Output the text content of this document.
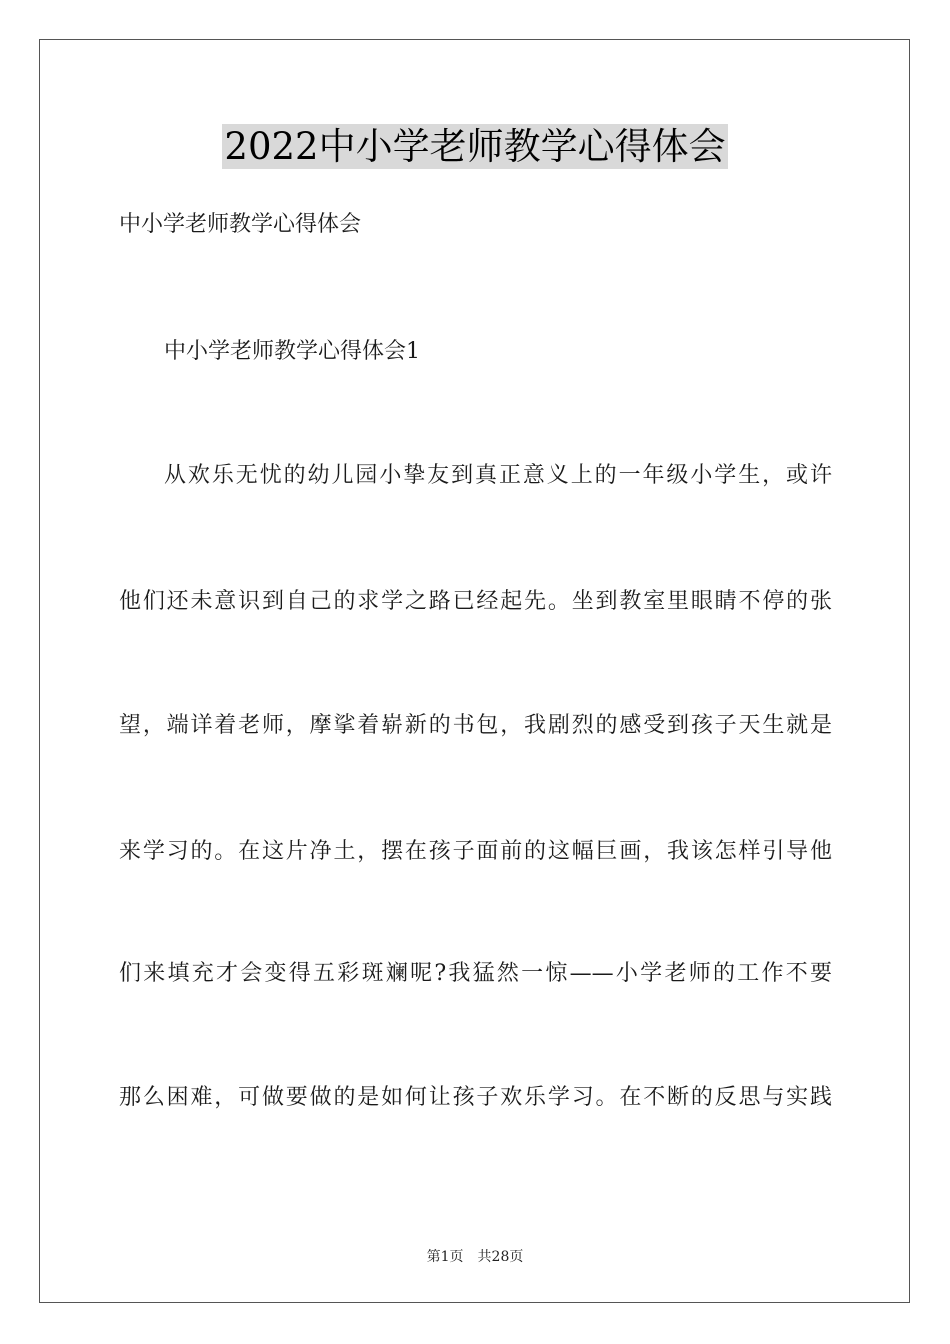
2022中小学老师教学心得体会

中小学老师教学心得体会

中小学老师教学心得体会1

从欢乐无忧的幼儿园小挚友到真正意义上的一年级小学生，或许

他们还未意识到自己的求学之路已经起先。坐到教室里眼睛不停的张

望，端详着老师，摩挲着崭新的书包，我剧烈的感受到孩子天生就是

来学习的。在这片净土，摆在孩子面前的这幅巨画，我该怎样引导他

们来填充才会变得五彩斑斓呢?我猛然一惊——小学老师的工作不要

那么困难，可做要做的是如何让孩子欢乐学习。在不断的反思与实践

第1页　共28页
